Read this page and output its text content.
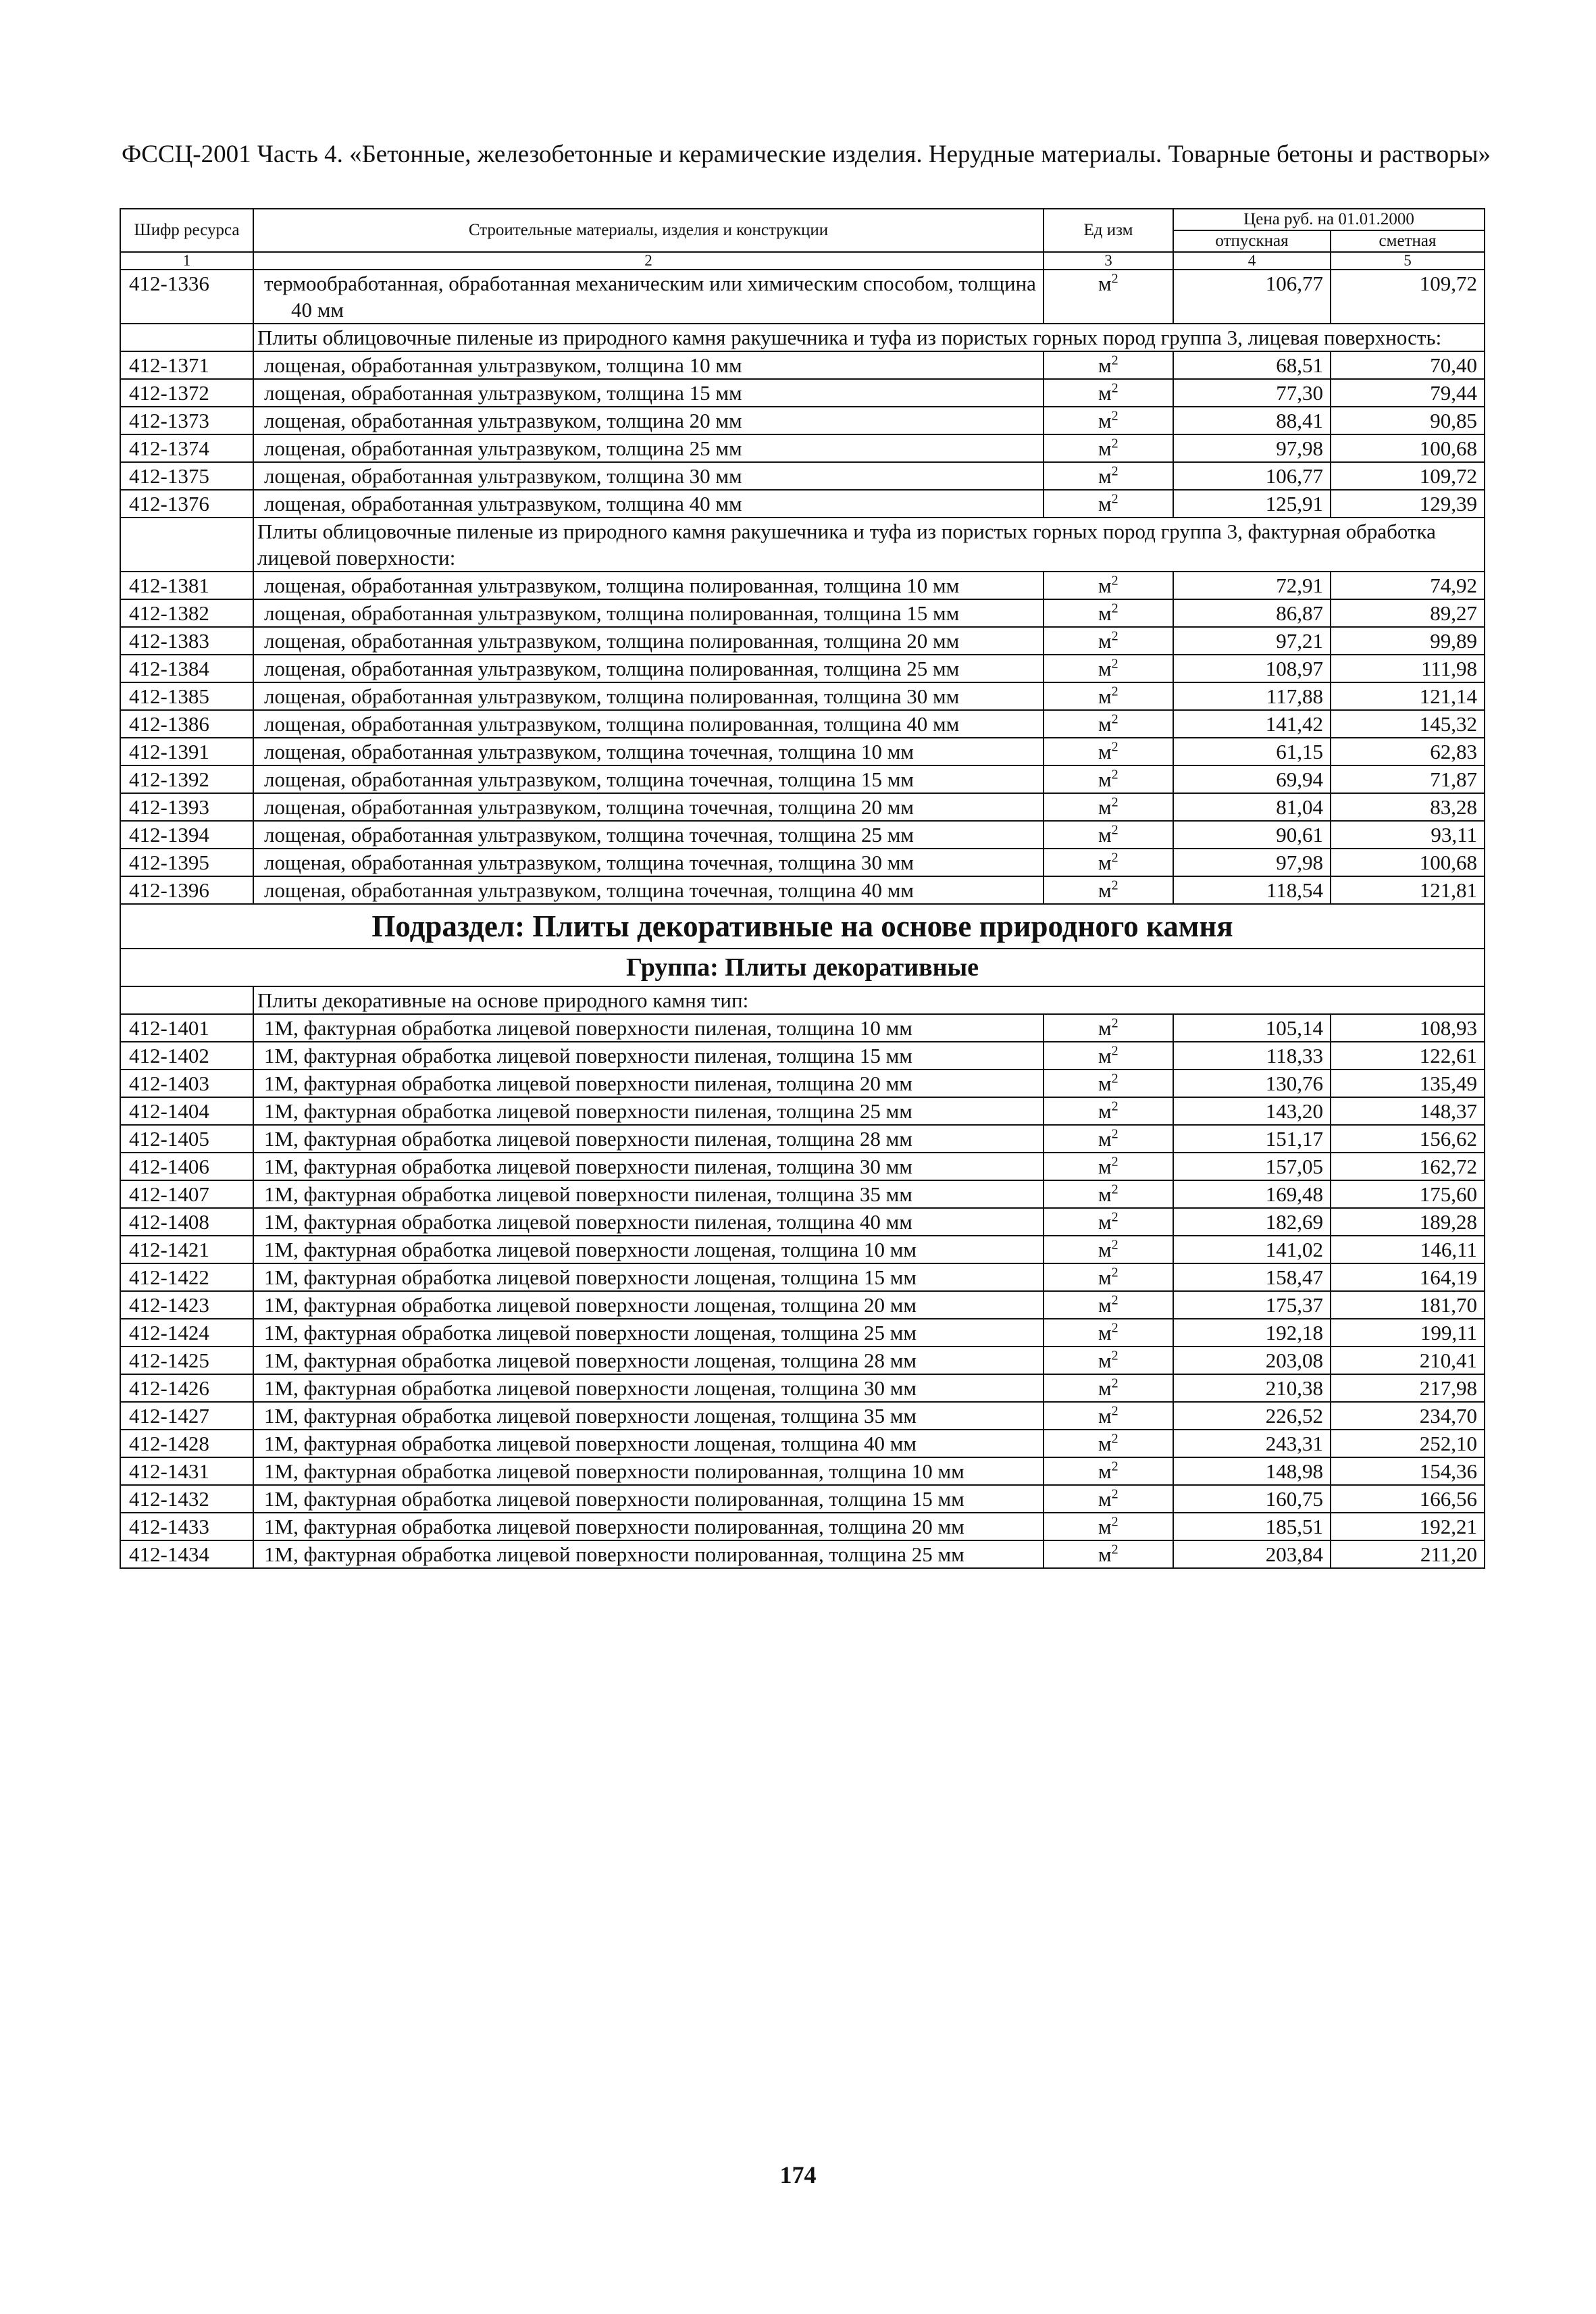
ФССЦ-2001 Часть 4. «Бетонные, железобетонные и керамические изделия. Нерудные материалы. Товарные бетоны и растворы»
Шифр ресурса	Строительные материалы, изделия и конструкции	Ед изм	Цена руб. на 01.01.2000	
			отпускная	сметная
1	2	3	4	5
412-1336	термообработанная, обработанная механическим или химическим способом, толщина 40 мм	$м^2$	106,77	109,72
	Плиты облицовочные пиленые из природного камня ракушечника и туфа из пористых горных пород группа 3, лицевая поверхность:			
412-1371	лощеная, обработанная ультразвуком, толщина 10 мм	$м^2$	68,51	70,40
412-1372	лощеная, обработанная ультразвуком, толщина 15 мм	$м^2$	77,30	79,44
412-1373	лощеная, обработанная ультразвуком, толщина 20 мм	$м^2$	88,41	90,85
412-1374	лощеная, обработанная ультразвуком, толщина 25 мм	$м^2$	97,98	100,68
412-1375	лощеная, обработанная ультразвуком, толщина 30 мм	$м^2$	106,77	109,72
412-1376	лощеная, обработанная ультразвуком, толщина 40 мм	$м^2$	125,91	129,39
	Плиты облицовочные пиленые из природного камня ракушечника и туфа из пористых горных пород группа 3, фактурная обработка лицевой поверхности:			
412-1381	лощеная, обработанная ультразвуком, толщина полированная, толщина 10 мм	$м^2$	72,91	74,92
412-1382	лощеная, обработанная ультразвуком, толщина полированная, толщина 15 мм	$м^2$	86,87	89,27
412-1383	лощеная, обработанная ультразвуком, толщина полированная, толщина 20 мм	$м^2$	97,21	99,89
412-1384	лощеная, обработанная ультразвуком, толщина полированная, толщина 25 мм	$м^2$	108,97	111,98
412-1385	лощеная, обработанная ультразвуком, толщина полированная, толщина 30 мм	$м^2$	117,88	121,14
412-1386	лощеная, обработанная ультразвуком, толщина полированная, толщина 40 мм	$м^2$	141,42	145,32
412-1391	лощеная, обработанная ультразвуком, толщина точечная, толщина 10 мм	$м^2$	61,15	62,83
412-1392	лощеная, обработанная ультразвуком, толщина точечная, толщина 15 мм	$м^2$	69,94	71,87
412-1393	лощеная, обработанная ультразвуком, толщина точечная, толщина 20 мм	$м^2$	81,04	83,28
412-1394	лощеная, обработанная ультразвуком, толщина точечная, толщина 25 мм	$м^2$	90,61	93,11
412-1395	лощеная, обработанная ультразвуком, толщина точечная, толщина 30 мм	$м^2$	97,98	100,68
412-1396	лощеная, обработанная ультразвуком, толщина точечная, толщина 40 мм	$м^2$	118,54	121,81
Подраздел: Плиты декоративные на основе природного камня				
Группа: Плиты декоративные				
	Плиты декоративные на основе природного камня тип:			
412-1401	1М, фактурная обработка лицевой поверхности пиленая, толщина 10 мм	$м^2$	105,14	108,93
412-1402	1М, фактурная обработка лицевой поверхности пиленая, толщина 15 мм	$м^2$	118,33	122,61
412-1403	1М, фактурная обработка лицевой поверхности пиленая, толщина 20 мм	$м^2$	130,76	135,49
412-1404	1М, фактурная обработка лицевой поверхности пиленая, толщина 25 мм	$м^2$	143,20	148,37
412-1405	1М, фактурная обработка лицевой поверхности пиленая, толщина 28 мм	$м^2$	151,17	156,62
412-1406	1М, фактурная обработка лицевой поверхности пиленая, толщина 30 мм	$м^2$	157,05	162,72
412-1407	1М, фактурная обработка лицевой поверхности пиленая, толщина 35 мм	$м^2$	169,48	175,60
412-1408	1М, фактурная обработка лицевой поверхности пиленая, толщина 40 мм	$м^2$	182,69	189,28
412-1421	1М, фактурная обработка лицевой поверхности лощеная, толщина 10 мм	$м^2$	141,02	146,11
412-1422	1М, фактурная обработка лицевой поверхности лощеная, толщина 15 мм	$м^2$	158,47	164,19
412-1423	1М, фактурная обработка лицевой поверхности лощеная, толщина 20 мм	$м^2$	175,37	181,70
412-1424	1М, фактурная обработка лицевой поверхности лощеная, толщина 25 мм	$м^2$	192,18	199,11
412-1425	1М, фактурная обработка лицевой поверхности лощеная, толщина 28 мм	$м^2$	203,08	210,41
412-1426	1М, фактурная обработка лицевой поверхности лощеная, толщина 30 мм	$м^2$	210,38	217,98
412-1427	1М, фактурная обработка лицевой поверхности лощеная, толщина 35 мм	$м^2$	226,52	234,70
412-1428	1М, фактурная обработка лицевой поверхности лощеная, толщина 40 мм	$м^2$	243,31	252,10
412-1431	1М, фактурная обработка лицевой поверхности полированная, толщина 10 мм	$м^2$	148,98	154,36
412-1432	1М, фактурная обработка лицевой поверхности полированная, толщина 15 мм	$м^2$	160,75	166,56
412-1433	1М, фактурная обработка лицевой поверхности полированная, толщина 20 мм	$м^2$	185,51	192,21
412-1434	1М, фактурная обработка лицевой поверхности полированная, толщина 25 мм	$м^2$	203,84	211,20
174
